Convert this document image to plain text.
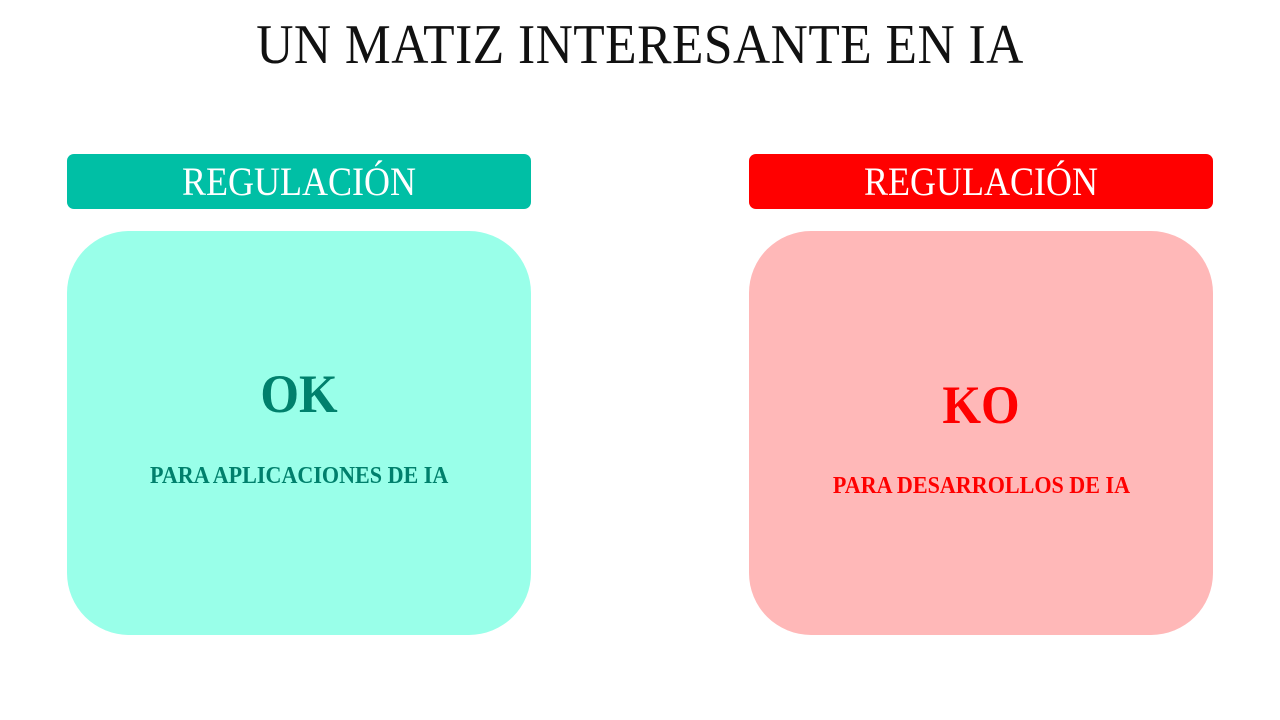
UN MATIZ INTERESANTE EN IA
REGULACIÓN	REGULACIÓN
OK
PARA APLICACIONES DE IA
KO
PARA DESARROLLOS DE IA
